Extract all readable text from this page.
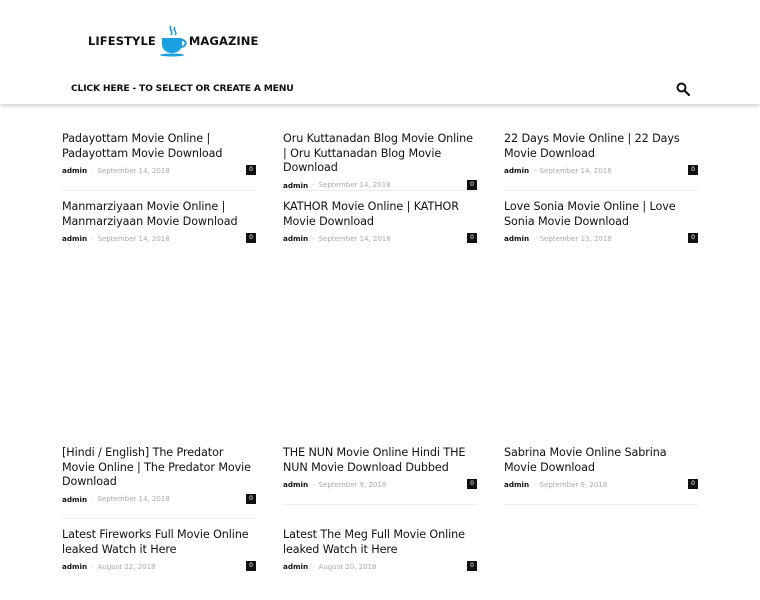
LIFESTYLE	MAGAZINE
CLICK HERE - TO SELECT OR CREATE A MENU
Padayottam Movie Online | Padayottam Movie Download
admin - September 14, 2018	0
Oru Kuttanadan Blog Movie Online | Oru Kuttanadan Blog Movie Download
admin - September 14, 2018	0
22 Days Movie Online | 22 Days Movie Download
admin - September 14, 2018	0
Manmarziyaan Movie Online | Manmarziyaan Movie Download
admin - September 14, 2018	0
KATHOR Movie Online | KATHOR Movie Download
admin - September 14, 2018	0
Love Sonia Movie Online | Love Sonia Movie Download
admin - September 13, 2018	0
[Hindi / English] The Predator Movie Online | The Predator Movie Download
admin - September 14, 2018	0
THE NUN Movie Online Hindi THE NUN Movie Download Dubbed
admin - September 9, 2018	0
Sabrina Movie Online Sabrina Movie Download
admin - September 9, 2018	0
Latest Fireworks Full Movie Online leaked Watch it Here
admin - August 22, 2018	0
Latest The Meg Full Movie Online leaked Watch it Here
admin - August 20, 2018	0
